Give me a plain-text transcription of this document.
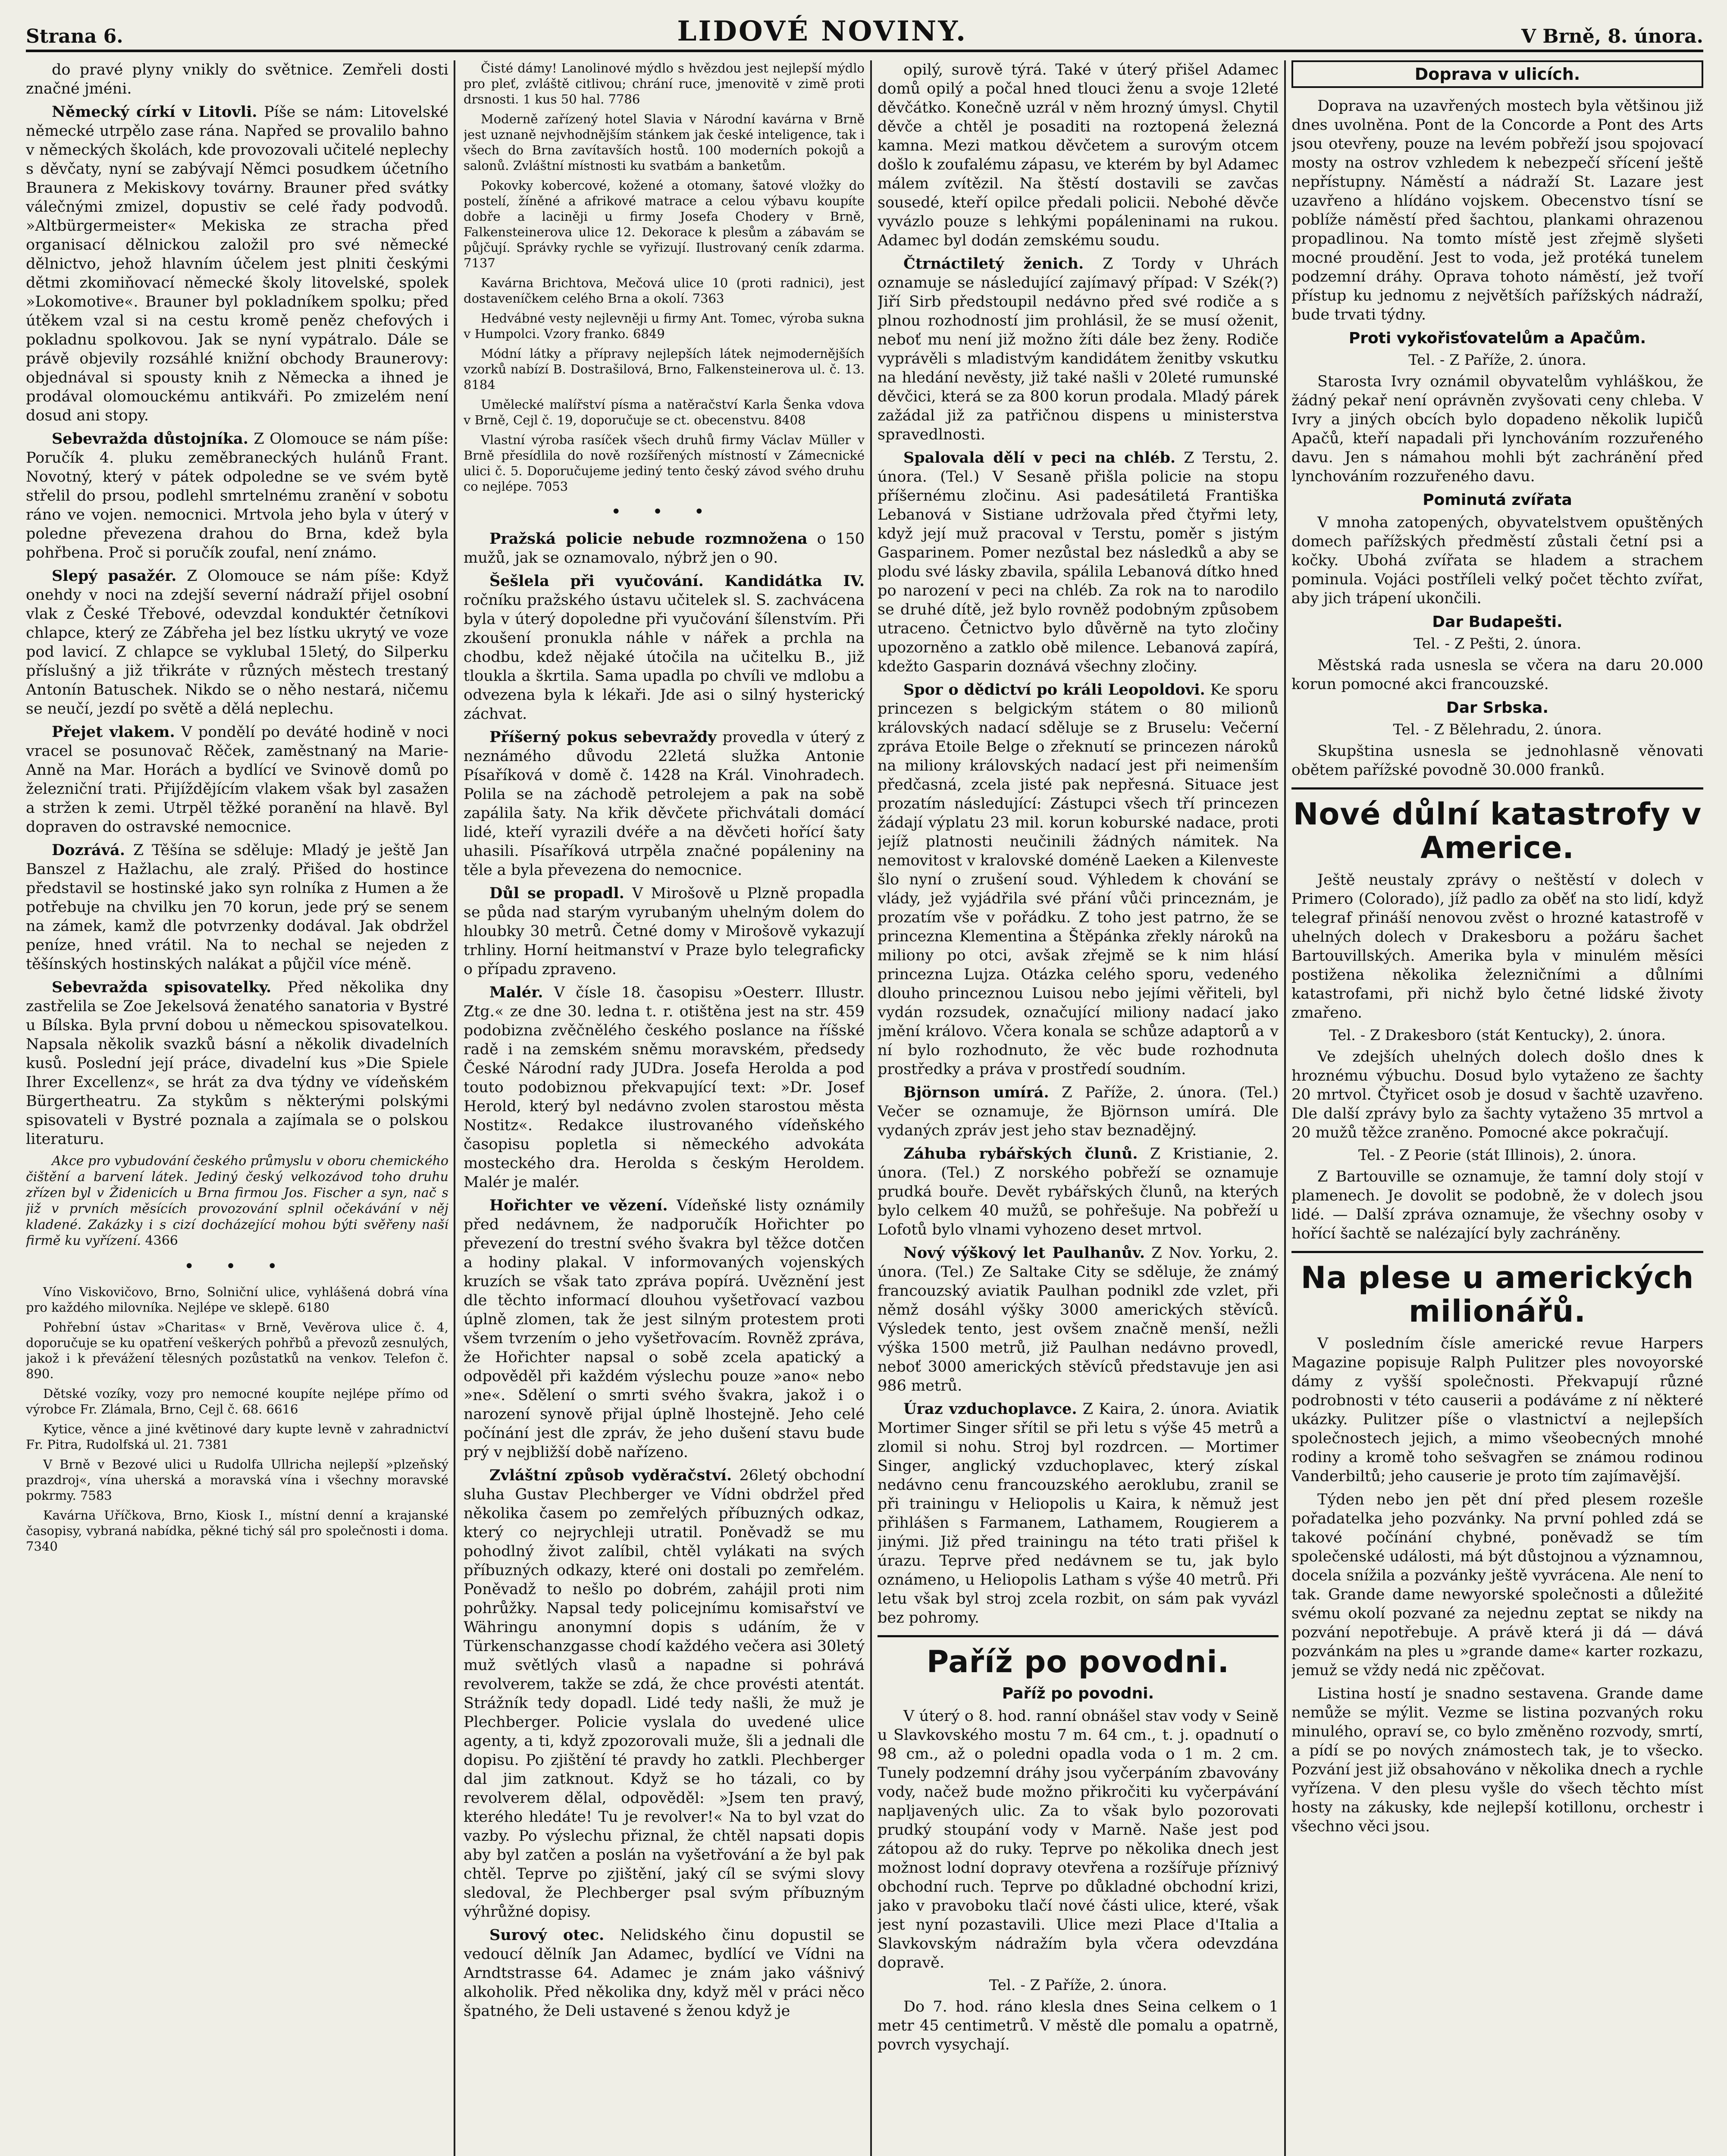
Strana 6.	LIDOVÉ NOVINY.	V Brně, 8. února.

do pravé plyny vnikly do světnice. Zemřeli dosti značné jméni.

Německý církí v Litovli. Píše se nám: Litovelské německé utrpělo zase rána. Napřed se provalilo bahno v německých školách, kde provozovali učitelé neplechy s děvčaty, nyní se zabývají Němci posudkem účetního Braunera z Mekiskovy továrny. Brauner před svátky válečnými zmizel, dopustiv se celé řady podvodů. »Altbürgermeister« Mekiska ze stracha před organisací dělnickou založil pro své německé dělnictvo, jehož hlavním účelem jest plniti českými dětmi zkomiňovací německé školy litovelské, spolek »Lokomotive«. Brauner byl pokladníkem spolku; před útěkem vzal si na cestu kromě peněz chefových i pokladnu spolkovou. Jak se nyní vypátralo. Dále se právě objevily rozsáhlé knižní obchody Braunerovy: objednával si spousty knih z Německa a ihned je prodával olomouckému antikváři. Po zmizelém není dosud ani stopy.

Sebevražda důstojníka. Z Olomouce se nám píše: Poručík 4. pluku zeměbraneckých hulánů Frant. Novotný, který v pátek odpoledne se ve svém bytě střelil do prsou, podlehl smrtelnému zranění v sobotu ráno ve vojen. nemocnici. Mrtvola jeho byla v úterý v poledne převezena drahou do Brna, kdež byla pohřbena. Proč si poručík zoufal, není známo.

Slepý pasažér. Z Olomouce se nám píše: Když onehdy v noci na zdejší severní nádraží přijel osobní vlak z České Třebové, odevzdal konduktér četníkovi chlapce, který ze Zábřeha jel bez lístku ukrytý ve voze pod lavicí. Z chlapce se vyklubal 15letý, do Silperku příslušný a již třikráte v různých městech trestaný Antonín Batuschek. Nikdo se o něho nestará, ničemu se neučí, jezdí po světě a dělá neplechu.

Přejet vlakem. V pondělí po deváté hodině v noci vracel se posunovač Rěček, zaměstnaný na Marie-Anně na Mar. Horách a bydlící ve Svinově domů po železniční trati. Přijíždějícím vlakem však byl zasažen a stržen k zemi. Utrpěl těžké poranění na hlavě. Byl dopraven do ostravské nemocnice.

Dozrává. Z Těšína se sděluje: Mladý je ještě Jan Banszel z Hažlachu, ale zralý. Přišed do hostince představil se hostinské jako syn rolníka z Humen a že potřebuje na chvilku jen 70 korun, jede prý se senem na zámek, kamž dle potvrzenky dodával. Jak obdržel peníze, hned vrátil. Na to nechal se nejeden z těšínských hostinských nalákat a půjčil více méně.

Sebevražda spisovatelky. Před několika dny zastřelila se Zoe Jekelsová ženatého sanatoria v Bystré u Bílska. Byla první dobou u německou spisovatelkou. Napsala několik svazků básní a několik divadelních kusů. Poslední její práce, divadelní kus »Die Spiele Ihrer Excellenz«, se hrát za dva týdny ve vídeňském Bürgertheatru. Za stykům s některými polskými spisovateli v Bystré poznala a zajímala se o polskou literaturu.

Akce pro vybudování českého průmyslu v oboru chemického čištění a barvení látek. Jediný český velkozávod toho druhu zřízen byl v Židenicích u Brna firmou Jos. Fischer a syn, nač s již v prvních měsících provozování splnil očekávání v něj kladené. Zakázky i s cizí docházející mohou býti svěřeny naší firmě ku vyřízení. 4366

• • •

Víno Viskovičovo, Brno, Solniční ulice, vyhlášená dobrá vína pro každého milovníka. Nejlépe ve sklepě. 6180

Pohřební ústav »Charitas« v Brně, Vevěrova ulice č. 4, doporučuje se ku opatření veškerých pohřbů a převozů zesnulých, jakož i k převážení tělesných pozůstatků na venkov. Telefon č. 890.

Dětské vozíky, vozy pro nemocné koupíte nejlépe přímo od výrobce Fr. Zlámala, Brno, Cejl č. 68. 6616

Kytice, věnce a jiné květinové dary kupte levně v zahradnictví Fr. Pitra, Rudolfská ul. 21. 7381

V Brně v Bezové ulici u Rudolfa Ullricha nejlepší »plzeňský prazdroj«, vína uherská a moravská vína i všechny moravské pokrmy. 7583

Kavárna Uříčkova, Brno, Kiosk I., místní denní a krajanské časopisy, vybraná nabídka, pěkné tichý sál pro společnosti i doma. 7340

Čisté dámy! Lanolinové mýdlo s hvězdou jest nejlepší mýdlo pro pleť, zvláště citlivou; chrání ruce, jmenovitě v zimě proti drsnosti. 1 kus 50 hal. 7786

Moderně zařízený hotel Slavia v Národní kavárna v Brně jest uznaně nejvhodnějším stánkem jak české inteligence, tak i všech do Brna zavítavších hostů. 100 moderních pokojů a salonů. Zvláštní místnosti ku svatbám a banketům.

Pokovky kobercové, kožené a otomany, šatové vložky do postelí, žíněné a afrikové matrace a celou výbavu koupíte dobře a laciněji u firmy Josefa Chodery v Brně, Falkensteinerova ulice 12. Dekorace k plesům a zábavám se půjčují. Správky rychle se vyřizují. Ilustrovaný ceník zdarma. 7137

Kavárna Brichtova, Mečová ulice 10 (proti radnici), jest dostaveníčkem celého Brna a okolí. 7363

Hedvábné vesty nejlevněji u firmy Ant. Tomec, výroba sukna v Humpolci. Vzory franko. 6849

Módní látky a přípravy nejlepších látek nejmodernějších vzorků nabízí B. Dostrašilová, Brno, Falkensteinerova ul. č. 13. 8184

Umělecké malířství písma a natěračství Karla Šenka vdova v Brně, Cejl č. 19, doporučuje se ct. obecenstvu. 8408

Vlastní výroba rasíček všech druhů firmy Václav Müller v Brně přesídlila do nově rozšířených místností v Zámecnické ulici č. 5. Doporučujeme jediný tento český závod svého druhu co nejlépe. 7053

• • •

Pražská policie nebude rozmnožena o 150 mužů, jak se oznamovalo, nýbrž jen o 90.

Šešlela při vyučování. Kandidátka IV. ročníku pražského ústavu učitelek sl. S. zachvácena byla v úterý dopoledne při vyučování šílenstvím. Při zkoušení pronukla náhle v nářek a prchla na chodbu, kdež nějaké útočila na učitelku B., již tloukla a škrtila. Sama upadla po chvíli ve mdlobu a odvezena byla k lékaři. Jde asi o silný hysterický záchvat.

Příšerný pokus sebevraždy provedla v úterý z neznámého důvodu 22letá služka Antonie Písaříková v domě č. 1428 na Král. Vinohradech. Polila se na záchodě petrolejem a pak na sobě zapálila šaty. Na křik děvčete přichvátali domácí lidé, kteří vyrazili dvéře a na děvčeti hořící šaty uhasili. Písaříková utrpěla značné popáleniny na těle a byla převezena do nemocnice.

Důl se propadl. V Mirošově u Plzně propadla se půda nad starým vyrubaným uhelným dolem do hloubky 30 metrů. Četné domy v Mirošově vykazují trhliny. Horní heitmanství v Praze bylo telegraficky o případu zpraveno.

Malér. V čísle 18. časopisu »Oesterr. Illustr. Ztg.« ze dne 30. ledna t. r. otištěna jest na str. 459 podobizna zvěčnělého českého poslance na říšské radě i na zemském sněmu moravském, předsedy České Národní rady JUDra. Josefa Herolda a pod touto podobiznou překvapující text: »Dr. Josef Herold, který byl nedávno zvolen starostou města Nostitz«. Redakce ilustrovaného vídeňského časopisu popletla si německého advokáta mosteckého dra. Herolda s českým Heroldem. Malér je malér.

Hořichter ve vězení. Vídeňské listy oznámily před nedávnem, že nadporučík Hořichter po převezení do trestní svého švakra byl těžce dotčen a hodiny plakal. V informovaných vojenských kruzích se však tato zpráva popírá. Uvěznění jest dle těchto informací dlouhou vyšetřovací vazbou úplně zlomen, tak že jest silným protestem proti všem tvrzením o jeho vyšetřovacím. Rovněž zpráva, že Hořichter napsal o sobě zcela apatický a odpověděl při každém výslechu pouze »ano« nebo »ne«. Sdělení o smrti svého švakra, jakož i o narození synově přijal úplně lhostejně. Jeho celé počínání jest dle zpráv, že jeho dušení stavu bude prý v nejbližší době nařízeno.

Zvláštní způsob vyděračství. 26letý obchodní sluha Gustav Plechberger ve Vídni obdržel před několika časem po zemřelých příbuzných odkaz, který co nejrychleji utratil. Poněvadž se mu pohodlný život zalíbil, chtěl vylákati na svých příbuzných odkazy, které oni dostali po zemřelém. Poněvadž to nešlo po dobrém, zahájil proti nim pohrůžky. Napsal tedy policejnímu komisařství ve Währingu anonymní dopis s udáním, že v Türkenschanzgasse chodí každého večera asi 30letý muž světlých vlasů a napadne si pohrává revolverem, takže se zdá, že chce provésti atentát. Strážník tedy dopadl. Lidé tedy našli, že muž je Plechberger. Policie vyslala do uvedené ulice agenty, a ti, když zpozorovali muže, šli a jednali dle dopisu. Po zjištění té pravdy ho zatkli. Plechberger dal jim zatknout. Když se ho tázali, co by revolverem dělal, odpověděl: »Jsem ten pravý, kterého hledáte! Tu je revolver!« Na to byl vzat do vazby. Po výslechu přiznal, že chtěl napsati dopis aby byl zatčen a poslán na vyšetřování a že byl pak chtěl. Teprve po zjištění, jaký cíl se svými slovy sledoval, že Plechberger psal svým příbuzným výhrůžné dopisy.

Surový otec. Nelidského činu dopustil se vedoucí dělník Jan Adamec, bydlící ve Vídni na Arndtstrasse 64. Adamec je znám jako vášnivý alkoholik. Před několika dny, když měl v práci něco špatného, že Deli ustavené s ženou když je

opilý, surově týrá. Také v úterý přišel Adamec domů opilý a počal hned tlouci ženu a svoje 12leté děvčátko. Konečně uzrál v něm hrozný úmysl. Chytil děvče a chtěl je posaditi na roztopená železná kamna. Mezi matkou děvčetem a surovým otcem došlo k zoufalému zápasu, ve kterém by byl Adamec málem zvítězil. Na štěstí dostavili se zavčas sousedé, kteří opilce předali policii. Nebohé děvče vyvázlo pouze s lehkými popáleninami na rukou. Adamec byl dodán zemskému soudu.

Čtrnáctiletý ženich. Z Tordy v Uhrách oznamuje se následující zajímavý případ: V Szék(?) Jiří Sirb předstoupil nedávno před své rodiče a s plnou rozhodností jim prohlásil, že se musí oženit, neboť mu není již možno žíti dále bez ženy. Rodiče vyprávěli s mladistvým kandidátem ženitby vskutku na hledání nevěsty, již také našli v 20leté rumunské děvčici, která se za 800 korun prodala. Mladý párek zažádal již za patřičnou dispens u ministerstva spravedlnosti.

Spalovala dělí v peci na chléb. Z Terstu, 2. února. (Tel.) V Sesaně přišla policie na stopu příšernému zločinu. Asi padesátiletá Františka Lebanová v Sistiane udržovala před čtyřmi lety, když její muž pracoval v Terstu, poměr s jistým Gasparinem. Pomer nezůstal bez následků a aby se plodu své lásky zbavila, spálila Lebanová dítko hned po narození v peci na chléb. Za rok na to narodilo se druhé dítě, jež bylo rovněž podobným způsobem utraceno. Četnictvo bylo důvěrně na tyto zločiny upozorněno a zatklo obě milence. Lebanová zapírá, kdežto Gasparin doznává všechny zločiny.

Spor o dědictví po králi Leopoldovi. Ke sporu princezen s belgickým státem o 80 milionů královských nadací sděluje se z Bruselu: Večerní zpráva Etoile Belge o zřeknutí se princezen nároků na miliony královských nadací jest při neimenším předčasná, zcela jisté pak nepřesná. Situace jest prozatím následující: Zástupci všech tří princezen žádají výplatu 23 mil. korun koburské nadace, proti jejíž platnosti neučinili žádných námitek. Na nemovitost v kralovské doméně Laeken a Kilenveste šlo nyní o zrušení soud. Výhledem k chování se vlády, jež vyjádřila své přání vůči princeznám, je prozatím vše v pořádku. Z toho jest patrno, že se princezna Klementina a Štěpánka zřekly nároků na miliony po otci, avšak zřejmě se k nim hlásí princezna Lujza. Otázka celého sporu, vedeného dlouho princeznou Luisou nebo jejími věřiteli, byl vydán rozsudek, označující miliony nadací jako jmění královo. Včera konala se schůze adaptorů a v ní bylo rozhodnuto, že věc bude rozhodnuta prostředky a práva v prostředí soudním.

Björnson umírá. Z Paříže, 2. února. (Tel.) Večer se oznamuje, že Björnson umírá. Dle vydaných zpráv jest jeho stav beznadějný.

Záhuba rybářských člunů. Z Kristianie, 2. února. (Tel.) Z norského pobřeží se oznamuje prudká bouře. Devět rybářských člunů, na kterých bylo celkem 40 mužů, se pohřešuje. Na pobřeží u Lofotů bylo vlnami vyhozeno deset mrtvol.

Nový výškový let Paulhanův. Z Nov. Yorku, 2. února. (Tel.) Ze Saltake City se sděluje, že známý francouzský aviatik Paulhan podnikl zde vzlet, při němž dosáhl výšky 3000 amerických stěvíců. Výsledek tento, jest ovšem značně menší, nežli výška 1500 metrů, již Paulhan nedávno provedl, neboť 3000 amerických stěvíců představuje jen asi 986 metrů.

Úraz vzduchoplavce. Z Kaira, 2. února. Aviatik Mortimer Singer sřítil se při letu s výše 45 metrů a zlomil si nohu. Stroj byl rozdrcen. — Mortimer Singer, anglický vzduchoplavec, který získal nedávno cenu francouzského aeroklubu, zranil se při trainingu v Heliopolis u Kaira, k němuž jest přihlášen s Farmanem, Lathamem, Rougierem a jinými. Již před trainingu na této trati přišel k úrazu. Teprve před nedávnem se tu, jak bylo oznámeno, u Heliopolis Latham s výše 40 metrů. Při letu však byl stroj zcela rozbit, on sám pak vyvázl bez pohromy.

Paříž po povodni.
Paříž po povodni.

V úterý o 8. hod. ranní obnášel stav vody v Seině u Slavkovského mostu 7 m. 64 cm., t. j. opadnutí o 98 cm., až o poledni opadla voda o 1 m. 2 cm. Tunely podzemní dráhy jsou vyčerpáním zbavovány vody, načež bude možno přikročiti ku vyčerpávání napljavených ulic. Za to však bylo pozorovati prudký stoupání vody v Marně. Naše jest pod zátopou až do ruky. Teprve po několika dnech jest možnost lodní dopravy otevřena a rozšířuje příznivý obchodní ruch. Teprve po důkladné obchodní krizi, jako v pravoboku tlačí nové části ulice, které, však jest nyní pozastavili. Ulice mezi Place d'Italia a Slavkovským nádražím byla včera odevzdána dopravě.

Tel. - Z Paříže, 2. února.

Do 7. hod. ráno klesla dnes Seina celkem o 1 metr 45 centimetrů. V městě dle pomalu a opatrně, povrch vysychají.

Doprava v ulicích.

Doprava na uzavřených mostech byla většinou již dnes uvolněna. Pont de la Concorde a Pont des Arts jsou otevřeny, pouze na levém pobřeží jsou spojovací mosty na ostrov vzhledem k nebezpečí sřícení ještě nepřístupny. Náměstí a nádraží St. Lazare jest uzavřeno a hlídáno vojskem. Obecenstvo tísní se poblíže náměstí před šachtou, plankami ohrazenou propadlinou. Na tomto místě jest zřejmě slyšeti mocné proudění. Jest to voda, jež protéká tunelem podzemní dráhy. Oprava tohoto náměstí, jež tvoří přístup ku jednomu z největších pařížských nádraží, bude trvati týdny.

Proti vykořisťovatelům a Apačům.
Tel. - Z Paříže, 2. února.

Starosta Ivry oznámil obyvatelům vyhláškou, že žádný pekař není oprávněn zvyšovati ceny chleba. V Ivry a jiných obcích bylo dopadeno několik lupičů Apačů, kteří napadali při lynchováním rozzuřeného davu. Jen s námahou mohli být zachránění před lynchováním rozzuřeného davu.

Pominutá zvířata

V mnoha zatopených, obyvatelstvem opuštěných domech pařížských předměstí zůstali četní psi a kočky. Ubohá zvířata se hladem a strachem pominula. Vojáci postříleli velký počet těchto zvířat, aby jich trápení ukončili.

Dar Budapešti.
Tel. - Z Pešti, 2. února.

Městská rada usnesla se včera na daru 20.000 korun pomocné akci francouzské.

Dar Srbska.
Tel. - Z Bělehradu, 2. února.

Skupština usnesla se jednohlasně věnovati obětem pařížské povodně 30.000 franků.

Nové důlní katastrofy v Americe.

Ještě neustaly zprávy o neštěstí v dolech v Primero (Colorado), jíž padlo za oběť na sto lidí, když telegraf přináší nenovou zvěst o hrozné katastrofě v uhelných dolech v Drakesboru a požáru šachet Bartouvillských. Amerika byla v minulém měsíci postižena několika železničními a důlními katastrofami, při nichž bylo četné lidské životy zmařeno.

Tel. - Z Drakesboro (stát Kentucky), 2. února.

Ve zdejších uhelných dolech došlo dnes k hroznému výbuchu. Dosud bylo vytaženo ze šachty 20 mrtvol. Čtyřicet osob je dosud v šachtě uzavřeno. Dle další zprávy bylo za šachty vytaženo 35 mrtvol a 20 mužů těžce zraněno. Pomocné akce pokračují.

Tel. - Z Peorie (stát Illinois), 2. února.

Z Bartouville se oznamuje, že tamní doly stojí v plamenech. Je dovolit se podobně, že v dolech jsou lidé. — Další zpráva oznamuje, že všechny osoby v hořící šachtě se nalézající byly zachráněny.

Na plese u amerických milionářů.

V posledním čísle americké revue Harpers Magazine popisuje Ralph Pulitzer ples novoyorské dámy z vyšší společnosti. Překvapují různé podrobnosti v této causerii a podáváme z ní některé ukázky. Pulitzer píše o vlastnictví a nejlepších společnostech jejich, a mimo všeobecných mnohé rodiny a kromě toho sešvagřen se známou rodinou Vanderbiltů; jeho causerie je proto tím zajímavější.

Týden nebo jen pět dní před plesem rozešle pořadatelka jeho pozvánky. Na první pohled zdá se takové počínání chybné, poněvadž se tím společenské události, má být důstojnou a významnou, docela snížila a pozvánky ještě vyvrácena. Ale není to tak. Grande dame newyorské společnosti a důležité svému okolí pozvané za nejednu zeptat se nikdy na pozvání nepotřebuje. A právě která ji dá — dává pozvánkám na ples u »grande dame« karter rozkazu, jemuž se vždy nedá nic zpěčovat.

Listina hostí je snadno sestavena. Grande dame nemůže se mýlit. Vezme se listina pozvaných roku minulého, opraví se, co bylo změněno rozvody, smrtí, a pídí se po nových známostech tak, je to všecko. Pozvání jest již obsahováno v několika dnech a rychle vyřízena. V den plesu vyšle do všech těchto míst hosty na zákusky, kde nejlepší kotillonu, orchestr i všechno věci jsou.
